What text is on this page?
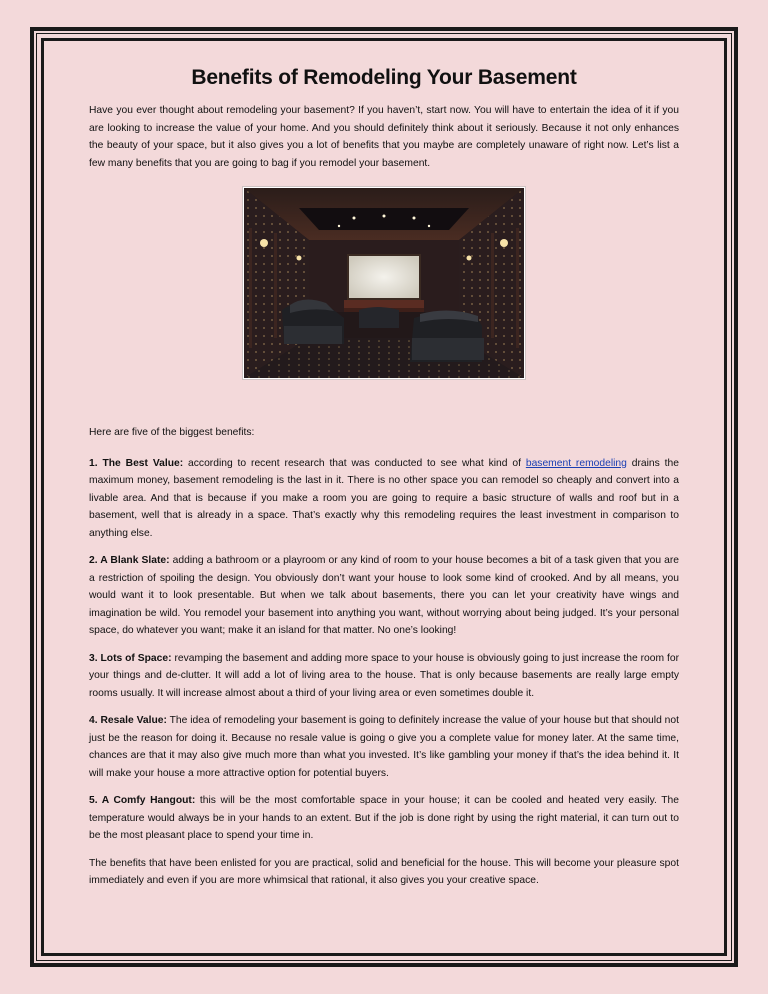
Benefits of Remodeling Your Basement

Have you ever thought about remodeling your basement? If you haven’t, start now. You will have to entertain the idea of it if you are looking to increase the value of your home. And you should definitely think about it seriously. Because it not only enhances the beauty of your space, but it also gives you a lot of benefits that you maybe are completely unaware of right now. Let’s list a few many benefits that you are going to bag if you remodel your basement.

Here are five of the biggest benefits:

1. The Best Value: according to recent research that was conducted to see what kind of basement remodeling drains the maximum money, basement remodeling is the last in it. There is no other space you can remodel so cheaply and convert into a livable area. And that is because if you make a room you are going to require a basic structure of walls and roof but in a basement, well that is already in a space. That’s exactly why this remodeling requires the least investment in comparison to anything else.

2. A Blank Slate: adding a bathroom or a playroom or any kind of room to your house becomes a bit of a task given that you are a restriction of spoiling the design. You obviously don’t want your house to look some kind of crooked. And by all means, you would want it to look presentable. But when we talk about basements, there you can let your creativity have wings and imagination be wild. You remodel your basement into anything you want, without worrying about being judged. It’s your personal space, do whatever you want; make it an island for that matter. No one’s looking!

3. Lots of Space: revamping the basement and adding more space to your house is obviously going to just increase the room for your things and de-clutter. It will add a lot of living area to the house. That is only because basements are really large empty rooms usually. It will increase almost about a third of your living area or even sometimes double it.

4. Resale Value: The idea of remodeling your basement is going to definitely increase the value of your house but that should not just be the reason for doing it. Because no resale value is going o give you a complete value for money later. At the same time, chances are that it may also give much more than what you invested. It’s like gambling your money if that’s the idea behind it. It will make your house a more attractive option for potential buyers.

5. A Comfy Hangout: this will be the most comfortable space in your house; it can be cooled and heated very easily. The temperature would always be in your hands to an extent. But if the job is done right by using the right material, it can turn out to be the most pleasant place to spend your time in.

The benefits that have been enlisted for you are practical, solid and beneficial for the house. This will become your pleasure spot immediately and even if you are more whimsical that rational, it also gives you your creative space.
